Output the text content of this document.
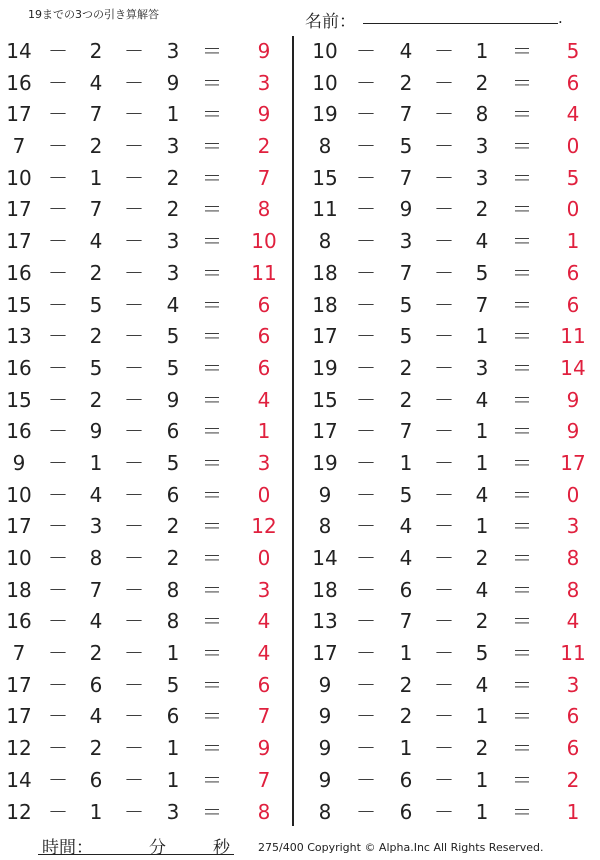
19までの3つの引き算解答	名前：	.
14 － 2 － 3 ＝	9
16 － 4 － 9 ＝	3
17 － 7 － 1 ＝	9
7	－ 2 － 3 ＝	2
10 － 1 － 2 ＝	7
17 － 7 － 2 ＝	8
17 － 4 － 3 ＝ 10
16 － 2 － 3 ＝ 11
15 － 5 － 4 ＝	6
13 － 2 － 5 ＝	6
16 － 5 － 5 ＝	6
15 － 2 － 9 ＝	4
16 － 9 － 6 ＝	1
9	－ 1 － 5 ＝	3
10 － 4 － 6 ＝	0
17 － 3 － 2 ＝ 12
10 － 8 － 2 ＝	0
18 － 7 － 8 ＝	3
16 － 4 － 8 ＝	4
7	－ 2 － 1 ＝	4
17 － 6 － 5 ＝	6
17 － 4 － 6 ＝	7
12 － 2 － 1 ＝	9
14 － 6 － 1 ＝	7
12 － 1 － 3 ＝	8
10 － 4 － 1 ＝	5
10 － 2 － 2 ＝	6
19 － 7 － 8 ＝	4
8	－ 5 － 3 ＝	0
15 － 7 － 3 ＝	5
11 － 9 － 2 ＝	0
8	－ 3 － 4 ＝	1
18 － 7 － 5 ＝	6
18 － 5 － 7 ＝	6
17 － 5 － 1 ＝ 11
19 － 2 － 3 ＝ 14
15 － 2 － 4 ＝	9
17 － 7 － 1 ＝	9
19 － 1 － 1 ＝ 17
9	－ 5 － 4 ＝	0
8	－ 4 － 1 ＝	3
14 － 4 － 2 ＝	8
18 － 6 － 4 ＝	8
13 － 7 － 2 ＝	4
17 － 1 － 5 ＝ 11
9	－ 2 － 4 ＝	3
9	－ 2 － 1 ＝	6
9	－ 1 － 2 ＝	6
9	－ 6 － 1 ＝	2
8	－ 6 － 1 ＝	1
時間：	分	秒	275/400 Copyright © Alpha.Inc All Rights Reserved.
